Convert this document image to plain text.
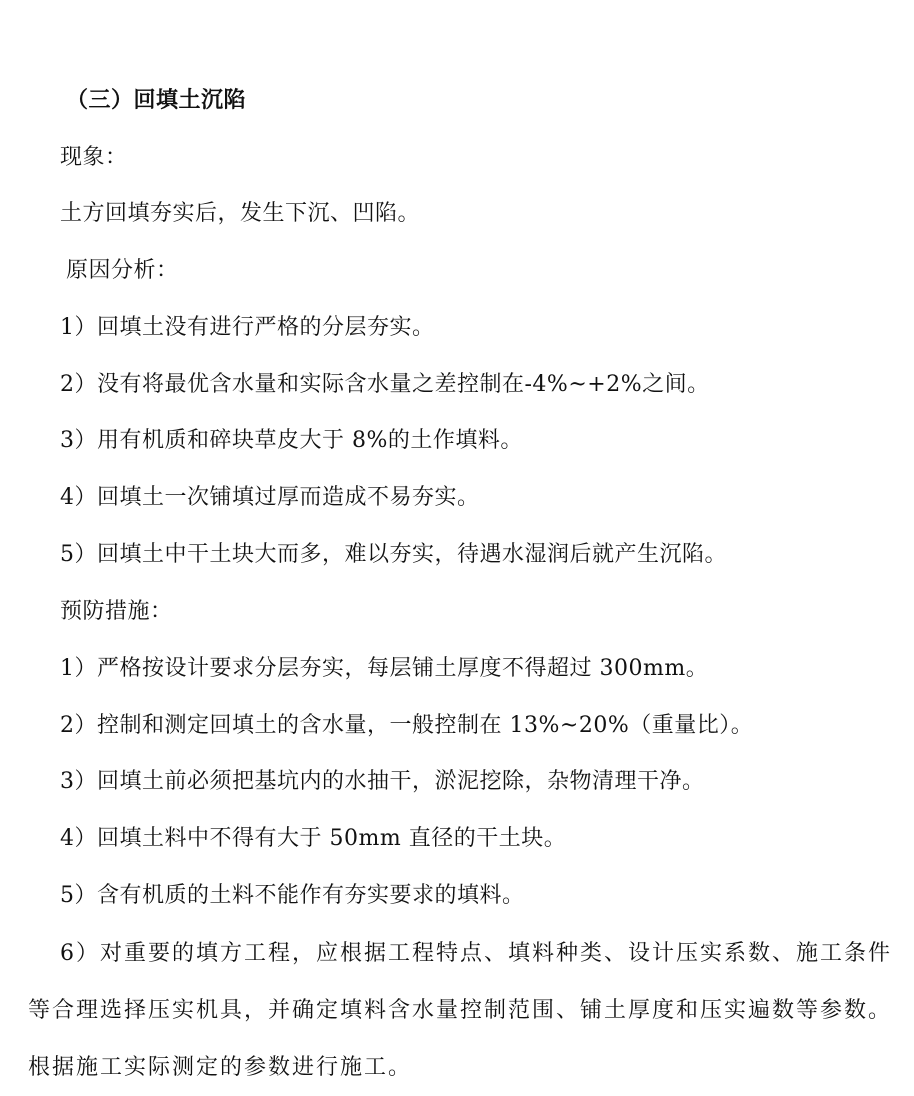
（三）回填土沉陷
现象：
土方回填夯实后，发生下沉、凹陷。
原因分析：
1）回填土没有进行严格的分层夯实。
2）没有将最优含水量和实际含水量之差控制在-4%~+2%之间。
3）用有机质和碎块草皮大于 8%的土作填料。
4）回填土一次铺填过厚而造成不易夯实。
5）回填土中干土块大而多，难以夯实，待遇水湿润后就产生沉陷。
预防措施：
1）严格按设计要求分层夯实，每层铺土厚度不得超过 300mm。
2）控制和测定回填土的含水量，一般控制在 13%~20%（重量比）。
3）回填土前必须把基坑内的水抽干，淤泥挖除，杂物清理干净。
4）回填土料中不得有大于 50mm 直径的干土块。
5）含有机质的土料不能作有夯实要求的填料。
6）对重要的填方工程，应根据工程特点、填料种类、设计压实系数、施工条件等合理选择压实机具，并确定填料含水量控制范围、铺土厚度和压实遍数等参数。根据施工实际测定的参数进行施工。
